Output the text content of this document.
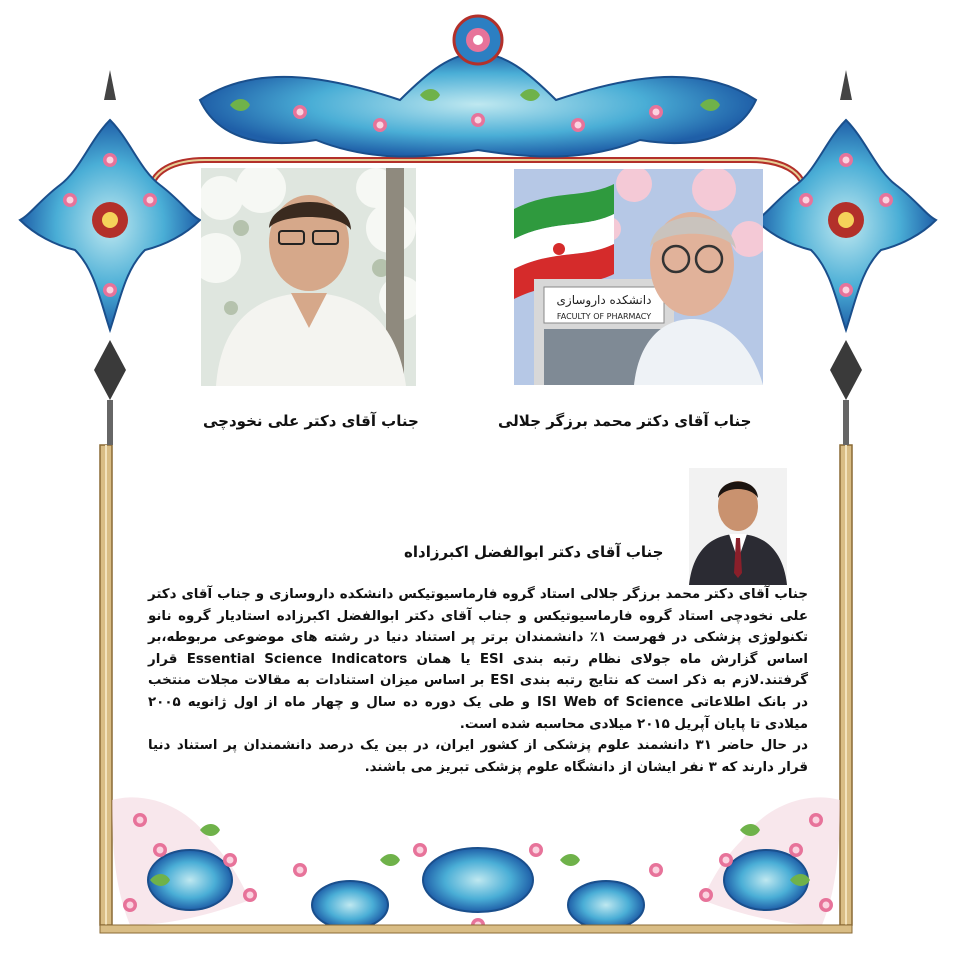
دانشکده داروسازی
FACULTY OF PHARMACY
جناب آقای دکتر علی نخودچی	جناب آقای دکتر محمد برزگر جلالی
جناب آقای دکتر ابوالفضل اکبرزاداه

جناب آقای دکتر محمد برزگر جلالی استاد گروه فارماسیوتیکس دانشکده داروسازی و جناب آقای دکتر علی نخودچی استاد گروه فارماسیوتیکس و جناب آقای دکتر ابوالفضل اکبرزاده استادیار گروه نانو تکنولوژی پزشکی در فهرست ۱٪ دانشمندان برتر پر استناد دنیا در رشته های موضوعی مربوطه،بر اساس گزارش ماه جولای نظام رتبه بندی ESI یا همان Essential Science Indicators قرار گرفتند.لازم به ذکر است که نتایج رتبه بندی ESI بر اساس میزان استنادات به مقالات مجلات منتخب در بانک اطلاعاتی ISI Web of Science و طی یک دوره ده سال و چهار ماه از اول ژانویه ۲۰۰۵ میلادی تا پایان آپریل ۲۰۱۵ میلادی محاسبه شده است.

در حال حاضر ۳۱ دانشمند علوم پزشکی از کشور ایران، در بین یک درصد دانشمندان پر استناد دنیا قرار دارند که ۳ نفر ایشان از دانشگاه علوم پزشکی تبریز می باشند.
